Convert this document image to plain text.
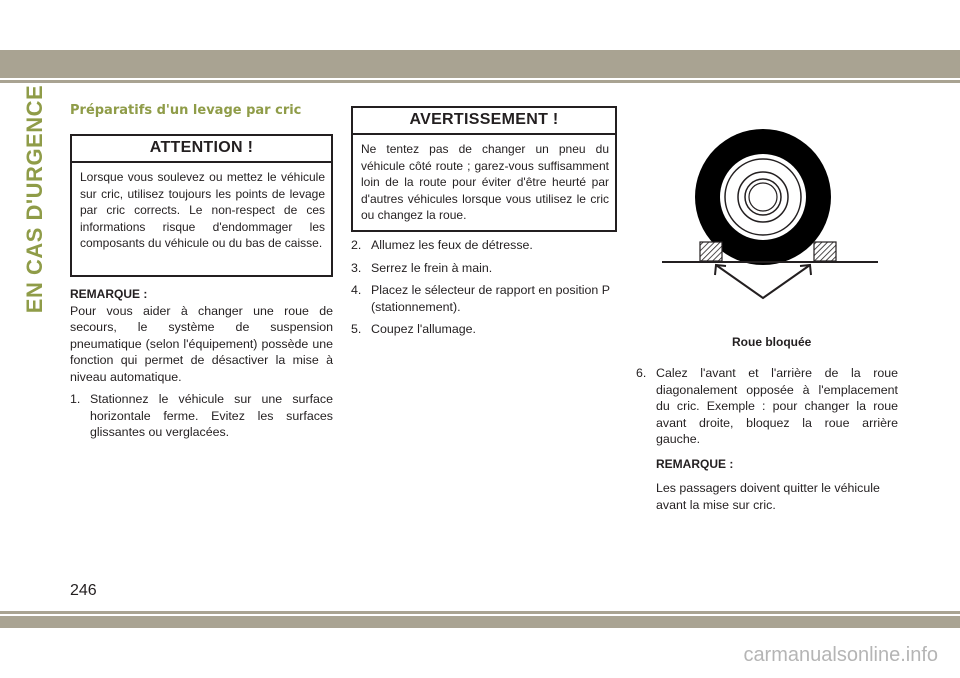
EN CAS D'URGENCE Préparatifs d'un levage par cric
ATTENTION !
Lorsque vous soulevez ou mettez le véhicule sur cric, utilisez toujours les points de levage par cric corrects. Le non-respect de ces informations risque d'endommager les composants du véhicule ou du bas de caisse.
REMARQUE :
Pour vous aider à changer une roue de secours, le système de suspension pneumatique (selon l'équipement) possède une fonction qui permet de désactiver la mise à niveau automatique.
1. Stationnez le véhicule sur une surface horizontale ferme. Evitez les surfaces glissantes ou verglacées.
AVERTISSEMENT !
Ne tentez pas de changer un pneu du véhicule côté route ; garez-vous suffisamment loin de la route pour éviter d'être heurté par d'autres véhicules lorsque vous utilisez le cric ou changez la roue.
2. Allumez les feux de détresse.
3. Serrez le frein à main.
4. Placez le sélecteur de rapport en position P (stationnement).
5. Coupez l'allumage.
Roue bloquée
6. Calez l'avant et l'arrière de la roue diagonalement opposée à l'emplacement du cric. Exemple : pour changer la roue avant droite, bloquez la roue arrière gauche.
REMARQUE :
Les passagers doivent quitter le véhicule avant la mise sur cric.
246
carmanualsonline.info
